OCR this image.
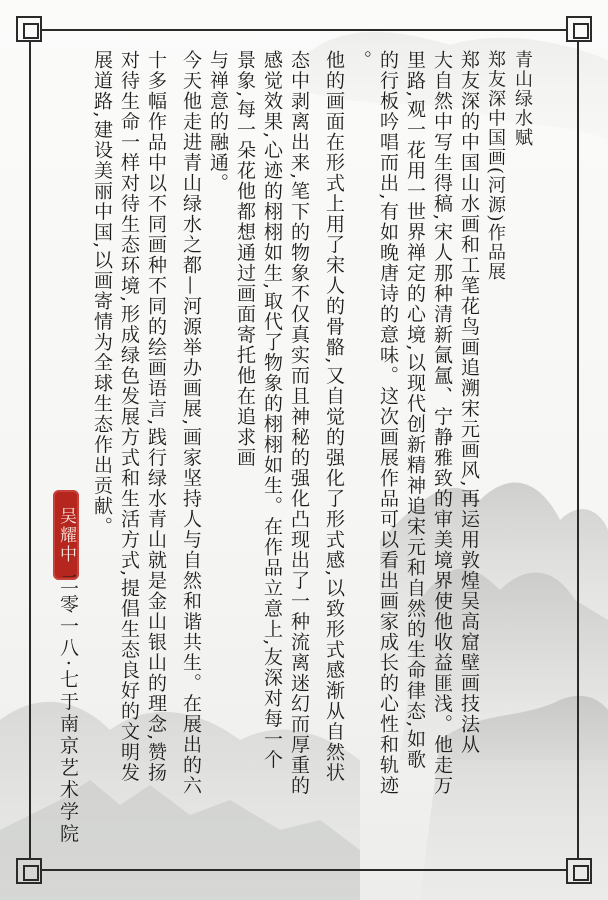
青山绿水赋
郑友深中国画(河源)作品展
郑友深的中国山水画和工笔花鸟画追溯宋元画风,再运用敦煌吴高窟壁画技法从
大自然中写生得稿,宋人那种清新氤氲、宁静雅致的审美境界使他收益匪浅。他走万
里路,观一花用一世界禅定的心境,以现代创新精神追宋元和自然的生命律态,如歌
的行板吟唱而出,有如晚唐诗的意味。这次画展作品可以看出画家成长的心性和轨迹
。
他的画面在形式上用了宋人的骨骼,又自觉的强化了形式感,以致形式感渐从自然状
态中剥离出来,笔下的物象不仅真实而且神秘的强化凸现出了一种流离迷幻而厚重的
感觉效果,心迹的栩栩如生,取代了物象的栩栩如生。在作品立意上,友深对每一个
景象,每一朵花他都想通过画面寄托他在追求画
与禅意的融通。
今天他走进青山绿水之都—河源举办画展,画家坚持人与自然和谐共生。在展出的六
十多幅作品中以不同画种不同的绘画语言,践行绿水青山就是金山银山的理念,赞扬
对待生命一样对待生态环境,形成绿色发展方式和生活方式,提倡生态良好的文明发
展道路,建设美丽中国,以画寄情为全球生态作出贡献。
吴耀中
二零一八·七于南京艺术学院
